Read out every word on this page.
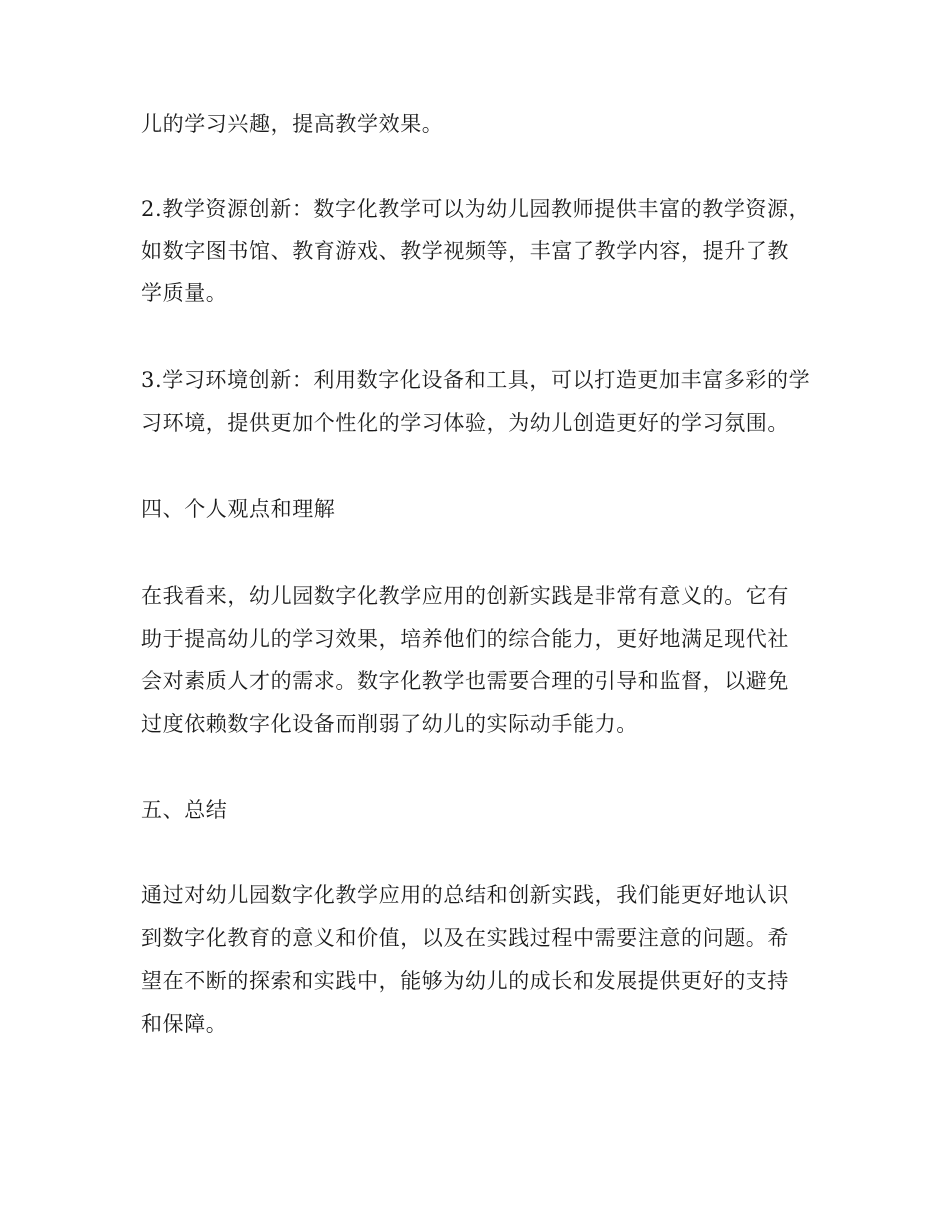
儿的学习兴趣，提高教学效果。
2.教学资源创新：数字化教学可以为幼儿园教师提供丰富的教学资源，
如数字图书馆、教育游戏、教学视频等，丰富了教学内容，提升了教
学质量。
3.学习环境创新：利用数字化设备和工具，可以打造更加丰富多彩的学
习环境，提供更加个性化的学习体验，为幼儿创造更好的学习氛围。
四、个人观点和理解
在我看来，幼儿园数字化教学应用的创新实践是非常有意义的。它有
助于提高幼儿的学习效果，培养他们的综合能力，更好地满足现代社
会对素质人才的需求。数字化教学也需要合理的引导和监督，以避免
过度依赖数字化设备而削弱了幼儿的实际动手能力。
五、总结
通过对幼儿园数字化教学应用的总结和创新实践，我们能更好地认识
到数字化教育的意义和价值，以及在实践过程中需要注意的问题。希
望在不断的探索和实践中，能够为幼儿的成长和发展提供更好的支持
和保障。
